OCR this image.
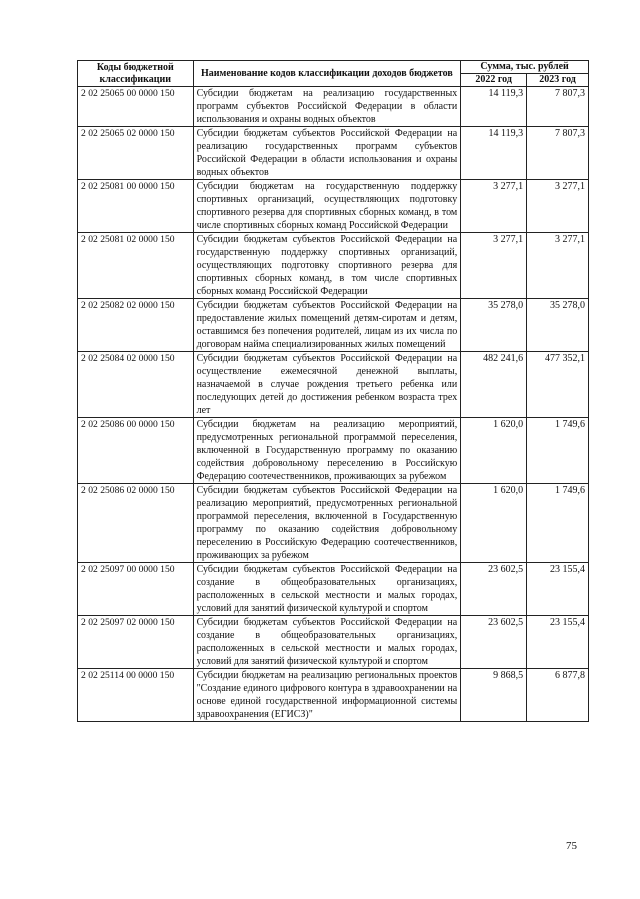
Коды бюджетной классификации	Наименование кодов классификации доходов бюджетов	Сумма, тыс. рублей	
		2022 год	2023 год
2 02 25065 00 0000 150	Субсидии бюджетам на реализацию государственных программ субъектов Российской Федерации в области использования и охраны водных объектов	14 119,3	7 807,3
2 02 25065 02 0000 150	Субсидии бюджетам субъектов Российской Федерации на реализацию государственных программ субъектов Российской Федерации в области использования и охраны водных объектов	14 119,3	7 807,3
2 02 25081 00 0000 150	Субсидии бюджетам на государственную поддержку спортивных организаций, осуществляющих подготовку спортивного резерва для спортивных сборных команд, в том числе спортивных сборных команд Российской Федерации	3 277,1	3 277,1
2 02 25081 02 0000 150	Субсидии бюджетам субъектов Российской Федерации на государственную поддержку спортивных организаций, осуществляющих подготовку спортивного резерва для спортивных сборных команд, в том числе спортивных сборных команд Российской Федерации	3 277,1	3 277,1
2 02 25082 02 0000 150	Субсидии бюджетам субъектов Российской Федерации на предоставление жилых помещений детям-сиротам и детям, оставшимся без попечения родителей, лицам из их числа по договорам найма специализированных жилых помещений	35 278,0	35 278,0
2 02 25084 02 0000 150	Субсидии бюджетам субъектов Российской Федерации на осуществление ежемесячной денежной выплаты, назначаемой в случае рождения третьего ребенка или последующих детей до достижения ребенком возраста трех лет	482 241,6	477 352,1
2 02 25086 00 0000 150	Субсидии бюджетам на реализацию мероприятий, предусмотренных региональной программой переселения, включенной в Государственную программу по оказанию содействия добровольному переселению в Российскую Федерацию соотечественников, проживающих за рубежом	1 620,0	1 749,6
2 02 25086 02 0000 150	Субсидии бюджетам субъектов Российской Федерации на реализацию мероприятий, предусмотренных региональной программой переселения, включенной в Государственную программу по оказанию содействия добровольному переселению в Российскую Федерацию соотечественников, проживающих за рубежом	1 620,0	1 749,6
2 02 25097 00 0000 150	Субсидии бюджетам субъектов Российской Федерации на создание в общеобразовательных организациях, расположенных в сельской местности и малых городах, условий для занятий физической культурой и спортом	23 602,5	23 155,4
2 02 25097 02 0000 150	Субсидии бюджетам субъектов Российской Федерации на создание в общеобразовательных организациях, расположенных в сельской местности и малых городах, условий для занятий физической культурой и спортом	23 602,5	23 155,4
2 02 25114 00 0000 150	Субсидии бюджетам на реализацию региональных проектов "Создание единого цифрового контура в здравоохранении на основе единой государственной информационной системы здравоохранения (ЕГИСЗ)"	9 868,5	6 877,8
75
